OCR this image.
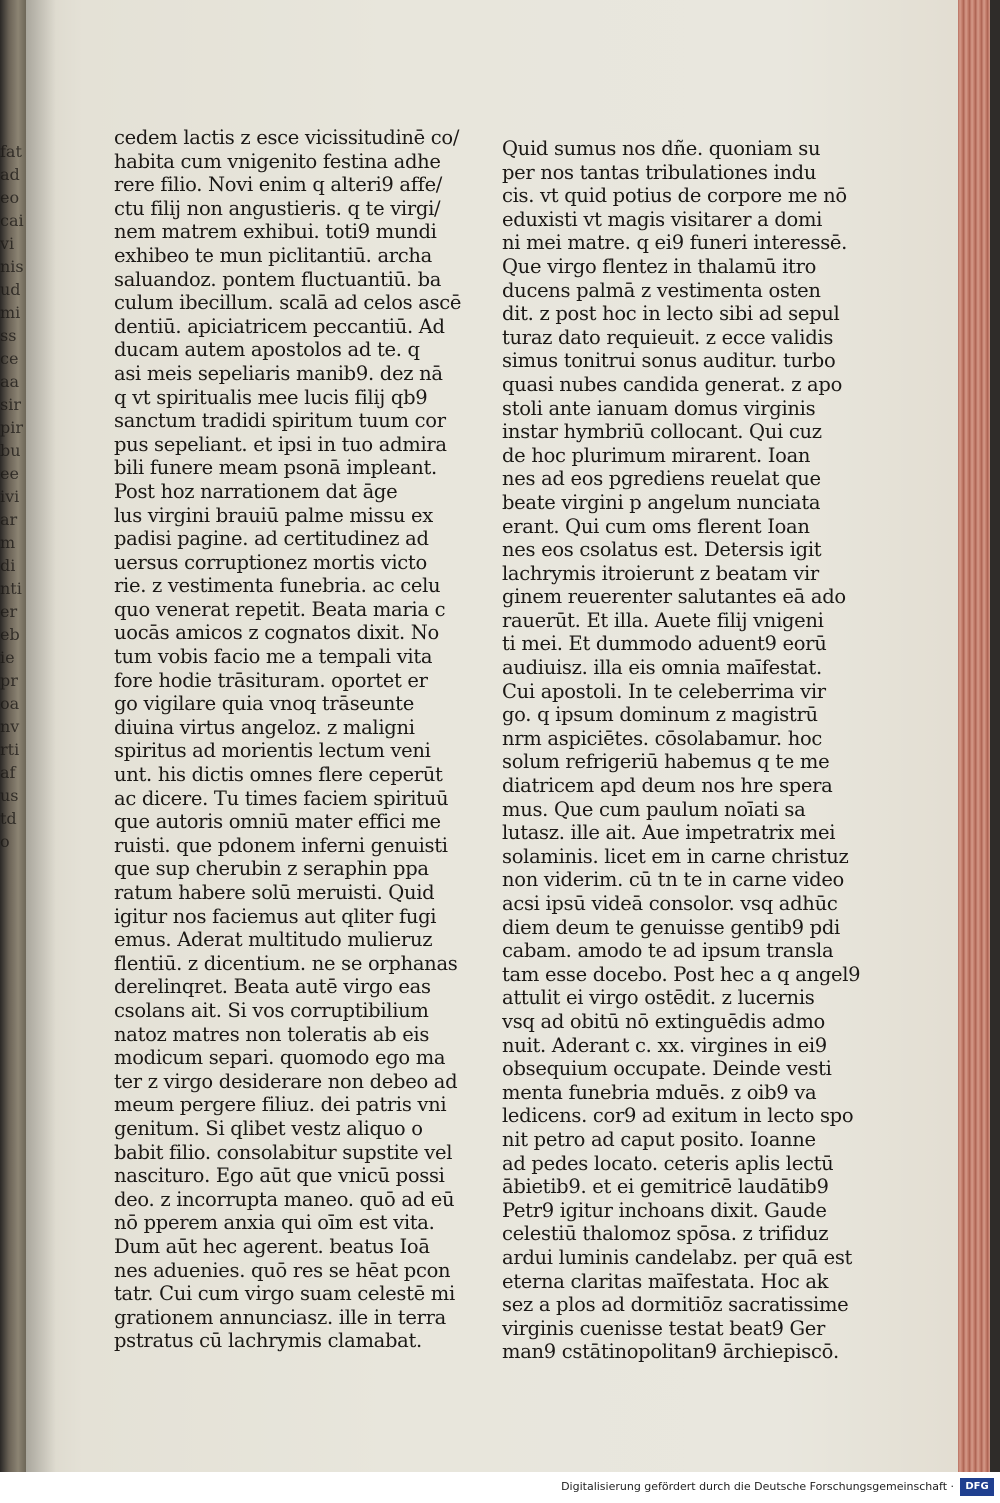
fatadeocaivinisudmissceaasirpirbueeiviarmdintierebieproanvrtiafustdo
cedem lactis z esce vicissitudinē co/
habita cum vnigenito festina adhe
rere filio. Novi enim q alteri9 affe/
ctu filij non angustieris. q te virgi/
nem matrem exhibui. toti9 mundi
exhibeo te mun piclitantiū. archa
saluandoz. pontem fluctuantiū. ba
culum ibecillum. scalā ad celos ascē
dentiū. apiciatricem peccantiū. Ad
ducam autem apostolos ad te. q
asi meis sepeliaris manib9. dez nā
q vt spiritualis mee lucis filij qb9
sanctum tradidi spiritum tuum cor
pus sepeliant. et ipsi in tuo admira
bili funere meam psonā impleant.
Post hoz narrationem dat āge
lus virgini brauiū palme missu ex
padisi pagine. ad certitudinez ad
uersus corruptionez mortis victo
rie. z vestimenta funebria. ac celu
quo venerat repetit. Beata maria c
uocās amicos z cognatos dixit. No
tum vobis facio me a tempali vita
fore hodie trāsituram. oportet er
go vigilare quia vnoq trāseunte
diuina virtus angeloz. z maligni
spiritus ad morientis lectum veni
unt. his dictis omnes flere ceperūt
ac dicere. Tu times faciem spirituū
que autoris omniū mater effici me
ruisti. que pdonem inferni genuisti
que sup cherubin z seraphin ppa
ratum habere solū meruisti. Quid
igitur nos faciemus aut qliter fugi
emus. Aderat multitudo mulieruz
flentiū. z dicentium. ne se orphanas
derelinqret. Beata autē virgo eas
csolans ait. Si vos corruptibilium
natoz matres non toleratis ab eis
modicum separi. quomodo ego ma
ter z virgo desiderare non debeo ad
meum pergere filiuz. dei patris vni
genitum. Si qlibet vestz aliquo o
babit filio. consolabitur supstite vel
nasciturо. Ego aūt que vnicū possi
deo. z incorrupta maneo. quō ad eū
nō pperem anxia qui oīm est vita.
Dum aūt hec agerent. beatus Ioā
nes aduenies. quō res se hēat pcon
tatr. Cui cum virgo suam celestē mi
grationem annunciasz. ille in terra
pstratus cū lachrymis clamabat.
Quid sumus nos dñe. quoniam su
per nos tantas tribulationes indu
cis. vt quid potius de corpore me nō
eduxisti vt magis visitarer a domi
ni mei matre. q ei9 funeri interessē.
Que virgo flentez in thalamū itro
ducens palmā z vestimenta osten
dit. z post hoc in lecto sibi ad sepul
turaz dato requieuit. z ecce validis
simus tonitrui sonus auditur. turbo
quasi nubes candida generat. z apo
stoli ante ianuam domus virginis
instar hymbriū collocant. Qui cuz
de hoc plurimum mirarent. Ioan
nes ad eos pgrediens reuelat que
beate virgini p angelum nunciata
erant. Qui cum oms flerent Ioan
nes eos csolatus est. Detersis igit
lachrymis itroierunt z beatam vir
ginem reuerenter salutantes eā ado
rauerūt. Et illa. Auete filij vnigeni
ti mei. Et dummodo aduent9 eorū
audiuisz. illa eis omnia maīfestat.
Cui apostoli. In te celeberrima vir
go. q ipsum dominum z magistrū
nrm aspiciētes. cōsolabamur. hoc
solum refrigeriū habemus q te me
diatricem apd deum nos hre spera
mus. Que cum paulum noīati sa
lutasz. ille ait. Aue impetratrix mei
solaminis. licet em in carne christuz
non viderim. cū tn te in carne video
acsi ipsū videā consolor. vsq adhūc
diem deum te genuisse gentib9 pdi
cabam. amodo te ad ipsum transla
tam esse docebo. Post hec a q angel9
attulit ei virgo ostēdit. z lucernis
vsq ad obitū nō extinguēdis admo
nuit. Aderant c. xx. virgines in ei9
obsequium occupate. Deinde vesti
menta funebria mduēs. z oib9 va
ledicens. cor9 ad exitum in lecto spo
nit petro ad caput posito. Ioanne
ad pedes locato. ceteris aplis lectū
ābietib9. et ei gemitricē laudātib9
Petr9 igitur inchoans dixit. Gaude
celestiū thalomoz spōsa. z trifiduz
ardui luminis candelabz. per quā est
eterna claritas maīfestata. Hoc ak
sez a plos ad dormitiōz sacratissime
virginis cuenisse testat beat9 Ger
man9 cstātinopolitan9 ārchiepiscō.
Digitalisierung gefördert durch die Deutsche Forschungsgemeinschaft ·	DFG
